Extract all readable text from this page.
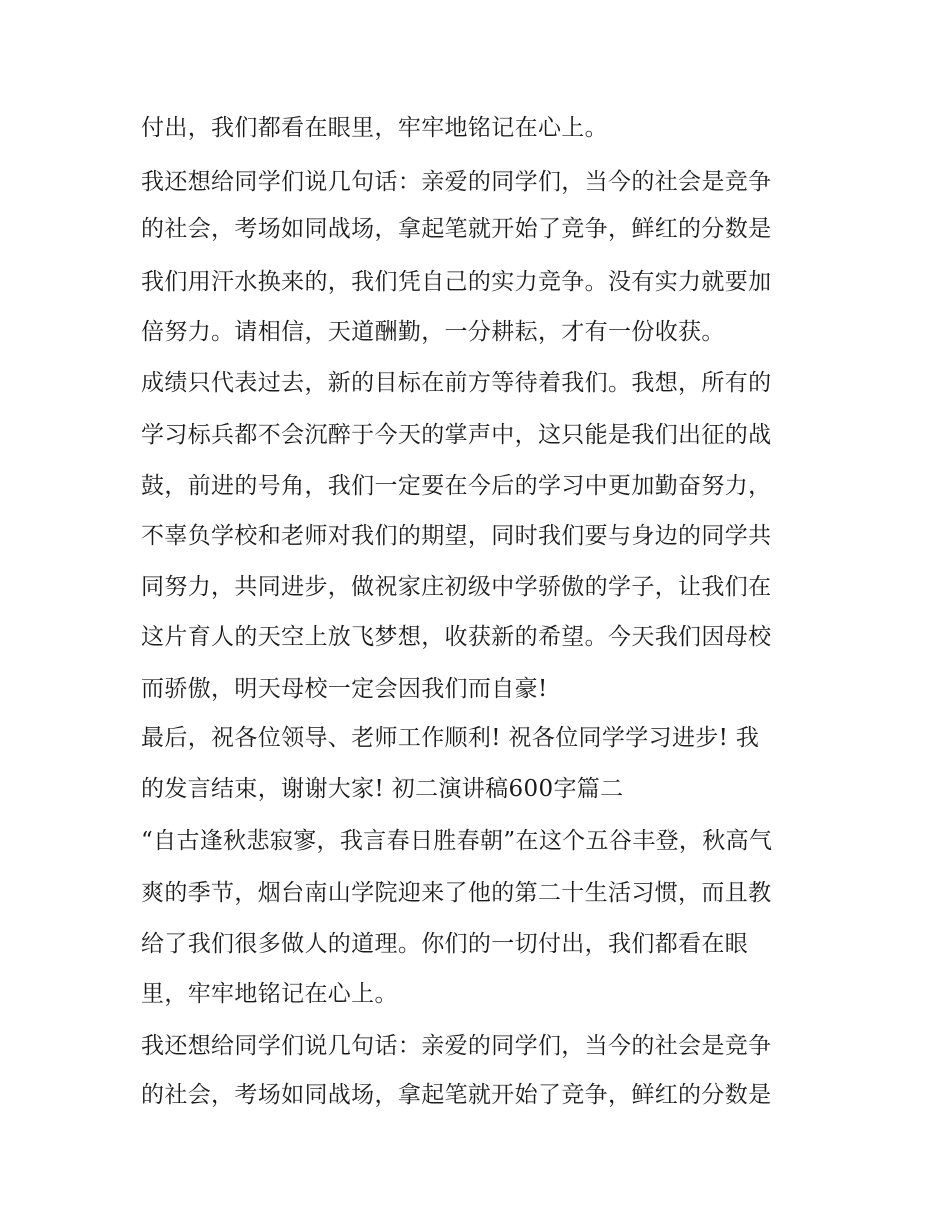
付出，我们都看在眼里，牢牢地铭记在心上。
我还想给同学们说几句话：亲爱的同学们，当今的社会是竞争
的社会，考场如同战场，拿起笔就开始了竞争，鲜红的分数是
我们用汗水换来的，我们凭自己的实力竞争。没有实力就要加
倍努力。请相信，天道酬勤，一分耕耘，才有一份收获。
成绩只代表过去，新的目标在前方等待着我们。我想，所有的
学习标兵都不会沉醉于今天的掌声中，这只能是我们出征的战
鼓，前进的号角，我们一定要在今后的学习中更加勤奋努力，
不辜负学校和老师对我们的期望，同时我们要与身边的同学共
同努力，共同进步，做祝家庄初级中学骄傲的学子，让我们在
这片育人的天空上放飞梦想，收获新的希望。今天我们因母校
而骄傲，明天母校一定会因我们而自豪!
最后，祝各位领导、老师工作顺利! 祝各位同学学习进步! 我
的发言结束，谢谢大家! 初二演讲稿600字篇二
“自古逢秋悲寂寥，我言春日胜春朝”在这个五谷丰登，秋高气
爽的季节，烟台南山学院迎来了他的第二十生活习惯，而且教
给了我们很多做人的道理。你们的一切付出，我们都看在眼
里，牢牢地铭记在心上。
我还想给同学们说几句话：亲爱的同学们，当今的社会是竞争
的社会，考场如同战场，拿起笔就开始了竞争，鲜红的分数是
